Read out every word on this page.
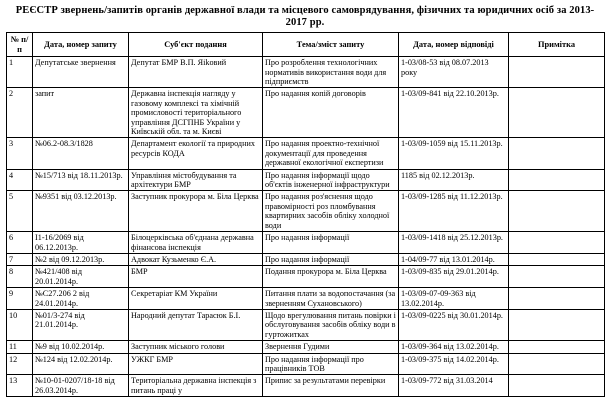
РЕЄСТР звернень/запитів органів державної влади та місцевого самоврядування, фізичних та юридичних осіб за 2013-2017 рр.
№ п/п	Дата, номер запиту	Суб'єкт подання	Тема/зміст запиту	Дата, номер відповіді	Примітка

1	Депутатське звернення	Депутат БМР В.П. Яikовий	Про розроблення технологічних нормативів використання води для підприємств	1-03/08-53 від 08.07.2013 року	

2	запит	Державна інспекція нагляду у газовому комплексі та хімічній промисловості територіального управління ДСГПНБ України у Київській обл. та м. Києві	Про надання копій договорів	1-03/09-841 від 22.10.2013р.	

3	№06.2-08.3/1828	Департамент екології та природних ресурсів КОДА	Про надання проектно-технічної документації для проведення державної екологічної експертизи	1-03/09-1059 від 15.11.2013р.	

4	№15/713 від 18.11.2013р.	Управління містобудування та архітектури БМР	Про надання інформації щодо об'єктів інженерної інфраструктури	1185 від 02.12.2013р.	

5	№9351 від 03.12.2013р.	Заступник прокурора м. Біла Церква	Про надання роз'яснення щодо правомірності роз пломбування квартирних засобів обліку холодної води	1-03/09-1285 від 11.12.2013р.	

6	І1-16/2069 від 06.12.2013р.	Білоцерківська об'єднана державна фінансова інспекція	Про надання інформації	1-03/09-1418 від 25.12.2013р.	

7	№2 від 09.12.2013р.	Адвокат Кузьменко Є.А.	Про надання інформації	1-04/09-77 від 13.01.2014р.	

8	№421/408 від 20.01.2014р.	БМР	Подання прокурора м. Біла Церква	1-03/09-835 від 29.01.2014р.	

9	№С27.206 2 від 24.01.2014р.	Секретаріат КМ України	Питання плати за водопостачання (за зверненням Сухановського)	1-03/09-07-09-363 від 13.02.2014р.	

10	№01/3-274 від 21.01.2014р.	Народний депутат Тарасюк Б.І.	Щодо врегулювання питань повірки і обслуговування засобів обліку води в гуртожитках	1-03/09-0225 від 30.01.2014р.	

11	№9 від 10.02.2014р.	Заступник міського голови	Звернення Гудими	1-03/09-364 від 13.02.2014р.	

12	№124 від 12.02.2014р.	УЖКГ БМР	Про надання інформації про працівників ТОВ	1-03/09-375 від 14.02.2014р.	

13	№10-01-0207/18-18 від 26.03.2014р.	Територіальна державна інспекція з питань праці у	Припис за результатами перевірки	1-03/09-772 від 31.03.2014	
